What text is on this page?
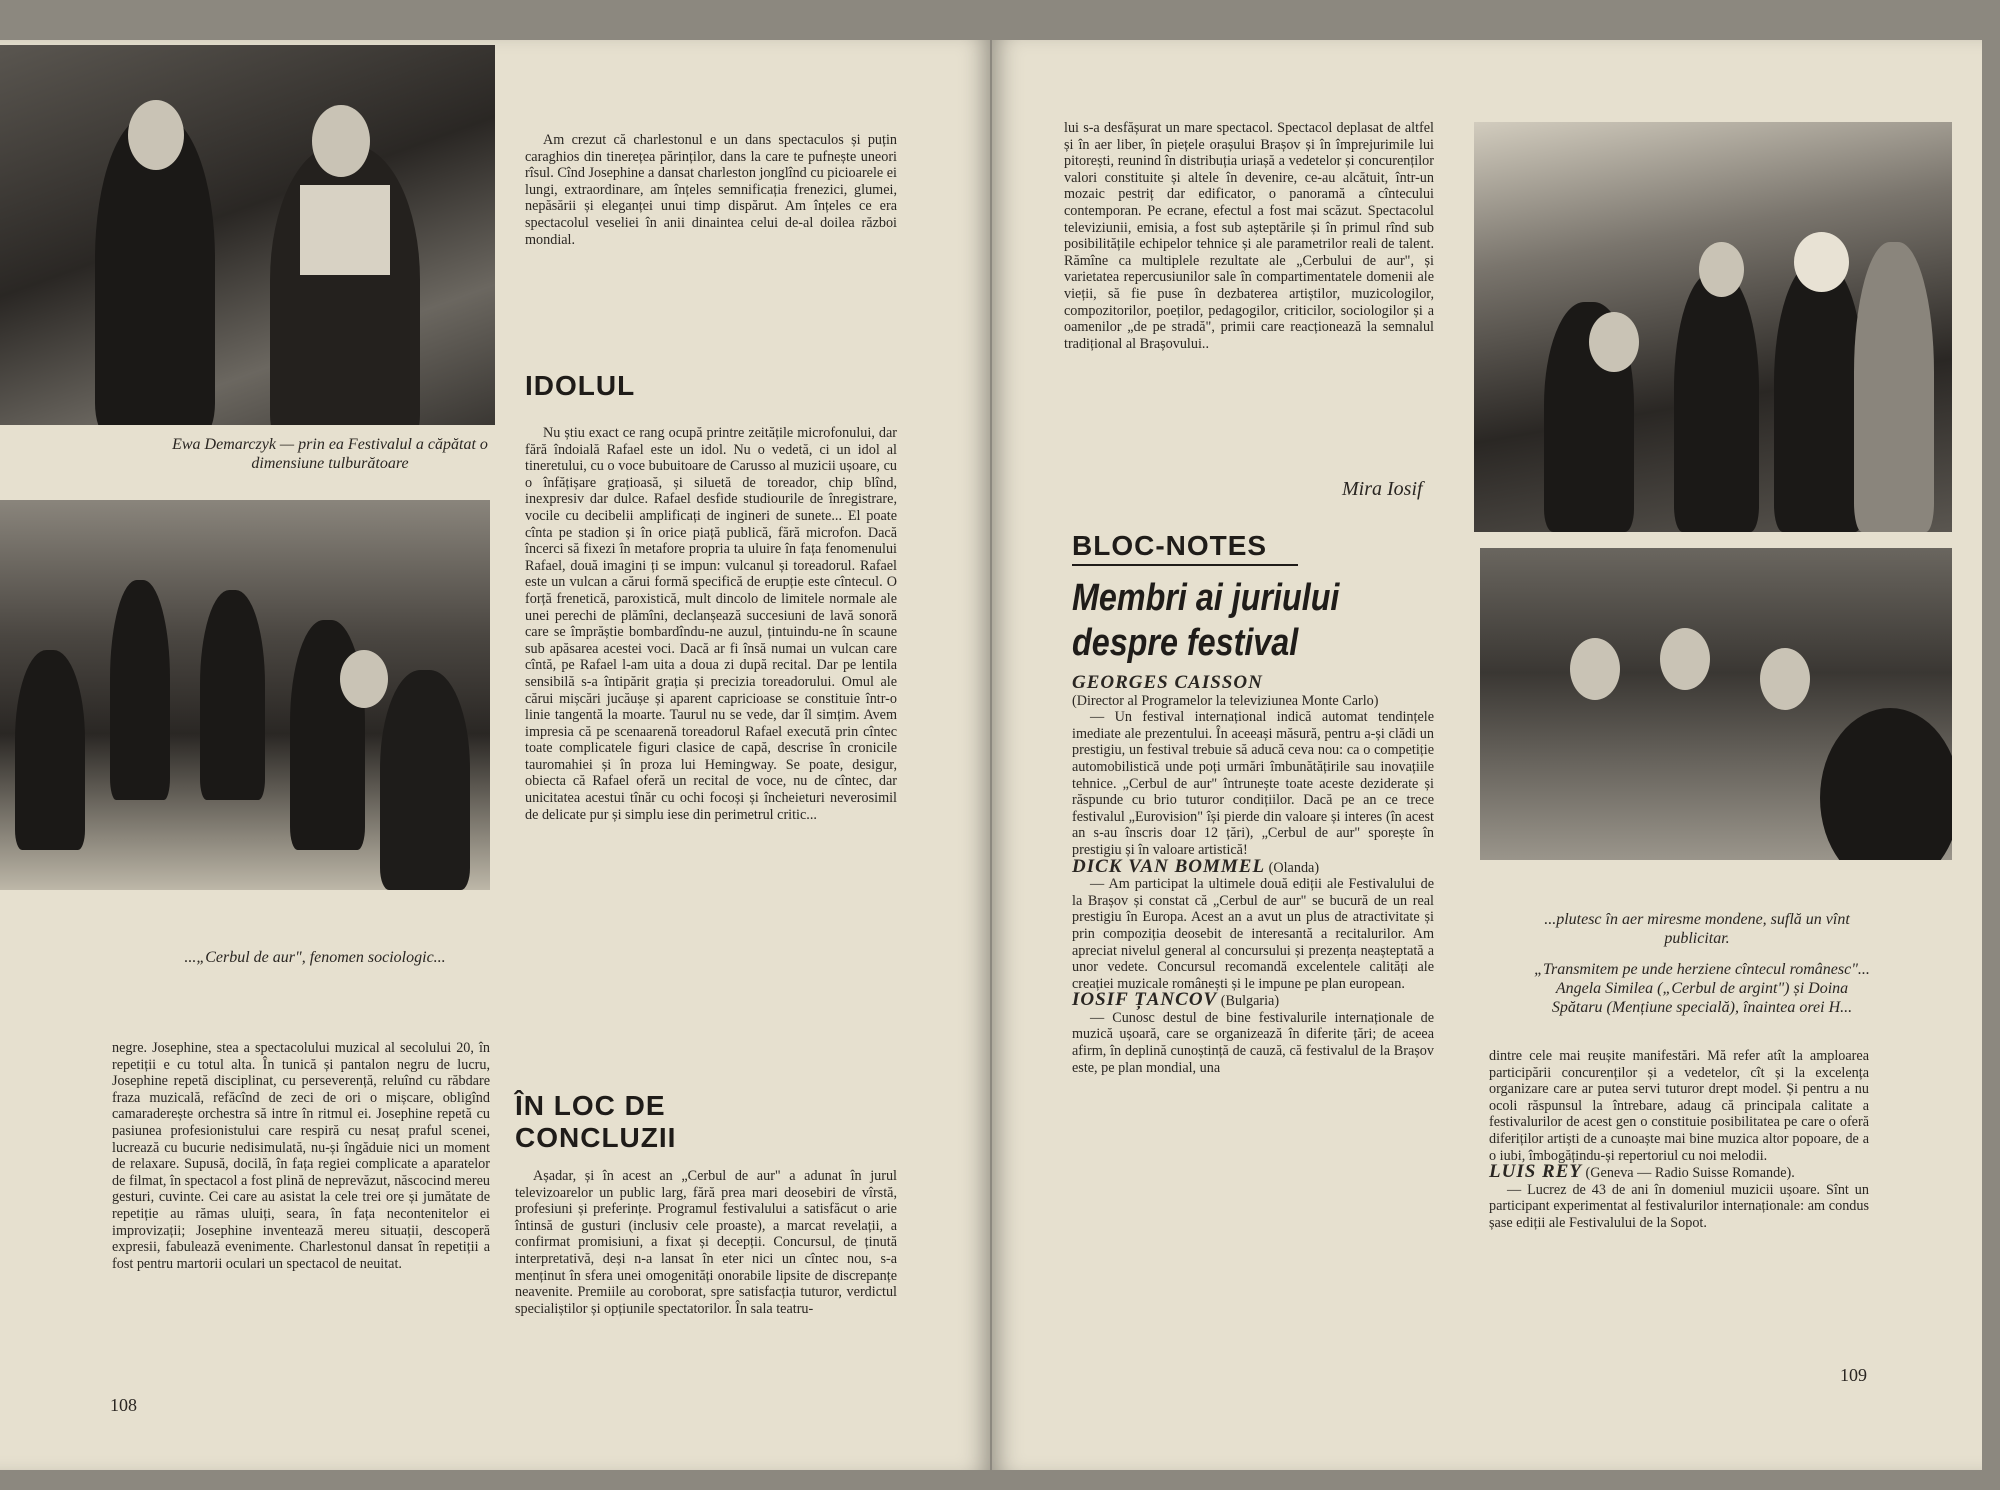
Ewa Demarczyk — prin ea Festivalul a căpătat o dimensiune tulburătoare
...„Cerbul de aur", fenomen sociologic...

negre. Josephine, stea a spectacolului muzical al secolului 20, în repetiții e cu totul alta. În tunică și pantalon negru de lucru, Josephine repetă disciplinat, cu perseverență, reluînd cu răbdare fraza muzicală, refăcînd de zeci de ori o mișcare, obligînd camaraderește orchestra să intre în ritmul ei. Josephine repetă cu pasiunea profesionistului care respiră cu nesaț praful scenei, lucrează cu bucurie nedisimulată, nu-și îngăduie nici un moment de relaxare. Supusă, docilă, în fața regiei complicate a aparatelor de filmat, în spectacol a fost plină de neprevăzut, născocind mereu gesturi, cuvinte. Cei care au asistat la cele trei ore și jumătate de repetiție au rămas uluiți, seara, în fața necontenitelor ei improvizații; Josephine inventează mereu situații, descoperă expresii, fabulează evenimente. Charlestonul dansat în repetiții a fost pentru martorii oculari un spectacol de neuitat.

Am crezut că charlestonul e un dans spectaculos și puțin caraghios din tinerețea părinților, dans la care te pufnește uneori rîsul. Cînd Josephine a dansat charleston jonglînd cu picioarele ei lungi, extraordinare, am înțeles semnificația frenezici, glumei, nepăsării și eleganței unui timp dispărut. Am înțeles ce era spectacolul veseliei în anii dinaintea celui de-al doilea război mondial.

IDOLUL

Nu știu exact ce rang ocupă printre zeitățile microfonului, dar fără îndoială Rafael este un idol. Nu o vedetă, ci un idol al tineretului, cu o voce bubuitoare de Carusso al muzicii ușoare, cu o înfățișare grațioasă, și siluetă de toreador, chip blînd, inexpresiv dar dulce. Rafael desfide studiourile de înregistrare, vocile cu decibelii amplificați de ingineri de sunete... El poate cînta pe stadion și în orice piață publică, fără microfon. Dacă încerci să fixezi în metafore propria ta uluire în fața fenomenului Rafael, două imagini ți se impun: vulcanul și toreadorul. Rafael este un vulcan a cărui formă specifică de erupție este cîntecul. O forță frenetică, paroxistică, mult dincolo de limitele normale ale unei perechi de plămîni, declanșează succesiuni de lavă sonoră care se împrăștie bombardîndu-ne auzul, țintuindu-ne în scaune sub apăsarea acestei voci. Dacă ar fi însă numai un vulcan care cîntă, pe Rafael l-am uita a doua zi după recital. Dar pe lentila sensibilă s-a întipărit grația și precizia toreadorului. Omul ale cărui mișcări jucăușe și aparent capricioase se constituie într-o linie tangentă la moarte. Taurul nu se vede, dar îl simțim. Avem impresia că pe scenaarenă toreadorul Rafael execută prin cîntec toate complicatele figuri clasice de capă, descrise în cronicile tauromahiei și în proza lui Hemingway. Se poate, desigur, obiecta că Rafael oferă un recital de voce, nu de cîntec, dar unicitatea acestui tînăr cu ochi focoși și încheieturi neverosimil de delicate pur și simplu iese din perimetrul critic...

ÎN LOC DE CONCLUZII

Așadar, și în acest an „Cerbul de aur" a adunat în jurul televizoarelor un public larg, fără prea mari deosebiri de vîrstă, profesiuni și preferințe. Programul festivalului a satisfăcut o arie întinsă de gusturi (inclusiv cele proaste), a marcat revelații, a confirmat promisiuni, a fixat și decepții. Concursul, de ținută interpretativă, deși n-a lansat în eter nici un cîntec nou, s-a menținut în sfera unei omogenități onorabile lipsite de discrepanțe neavenite. Premiile au coroborat, spre satisfacția tuturor, verdictul specialiștilor și opțiunile spectatorilor. În sala teatru-

108

lui s-a desfășurat un mare spectacol. Spectacol deplasat de altfel și în aer liber, în piețele orașului Brașov și în împrejurimile lui pitorești, reunind în distribuția uriașă a vedetelor și concurenților valori constituite și altele în devenire, ce-au alcătuit, într-un mozaic pestriț dar edificator, o panoramă a cîntecului contemporan. Pe ecrane, efectul a fost mai scăzut. Spectacolul televiziunii, emisia, a fost sub așteptările și în primul rînd sub posibilitățile echipelor tehnice și ale parametrilor reali de talent. Rămîne ca multiplele rezultate ale „Cerbului de aur", și varietatea repercusiunilor sale în compartimentatele domenii ale vieții, să fie puse în dezbaterea artiștilor, muzicologilor, compozitorilor, poeților, pedagogilor, criticilor, sociologilor și a oamenilor „de pe stradă", primii care reacționează la semnalul tradițional al Brașovului..

Mira Iosif
BLOC-NOTES
Membri ai juriului
despre festival

GEORGES CAISSON

(Director al Programelor la televiziunea Monte Carlo)

— Un festival internațional indică automat tendințele imediate ale prezentului. În aceeași măsură, pentru a-și clădi un prestigiu, un festival trebuie să aducă ceva nou: ca o competiție automobilistică unde poți urmări îmbunătățirile sau inovațiile tehnice. „Cerbul de aur" întrunește toate aceste deziderate și răspunde cu brio tuturor condițiilor. Dacă pe an ce trece festivalul „Eurovision" își pierde din valoare și interes (în acest an s-au înscris doar 12 țări), „Cerbul de aur" sporește în prestigiu și în valoare artistică!

DICK VAN BOMMEL (Olanda)

— Am participat la ultimele două ediții ale Festivalului de la Brașov și constat că „Cerbul de aur" se bucură de un real prestigiu în Europa. Acest an a avut un plus de atractivitate și prin compoziția deosebit de interesantă a recitalurilor. Am apreciat nivelul general al concursului și prezența neașteptată a unor vedete. Concursul recomandă excelentele calități ale creației muzicale românești și le impune pe plan european.

IOSIF ȚANCOV (Bulgaria)

— Cunosc destul de bine festivalurile internaționale de muzică ușoară, care se organizează în diferite țări; de aceea afirm, în deplină cunoștință de cauză, că festivalul de la Brașov este, pe plan mondial, una

...plutesc în aer miresme mondene, suflă un vînt publicitar.
„Transmitem pe unde herziene cîntecul românesc"... Angela Similea („Cerbul de argint") și Doina Spătaru (Mențiune specială), înaintea orei H...

dintre cele mai reușite manifestări. Mă refer atît la amploarea participării concurenților și a vedetelor, cît și la excelența organizare care ar putea servi tuturor drept model. Și pentru a nu ocoli răspunsul la întrebare, adaug că principala calitate a festivalurilor de acest gen o constituie posibilitatea pe care o oferă diferiților artiști de a cunoaște mai bine muzica altor popoare, de a o iubi, îmbogățindu-și repertoriul cu noi melodii.

LUIS REY (Geneva — Radio Suisse Romande).

— Lucrez de 43 de ani în domeniul muzicii ușoare. Sînt un participant experimentat al festivalurilor internaționale: am condus șase ediții ale Festivalului de la Sopot.

109
